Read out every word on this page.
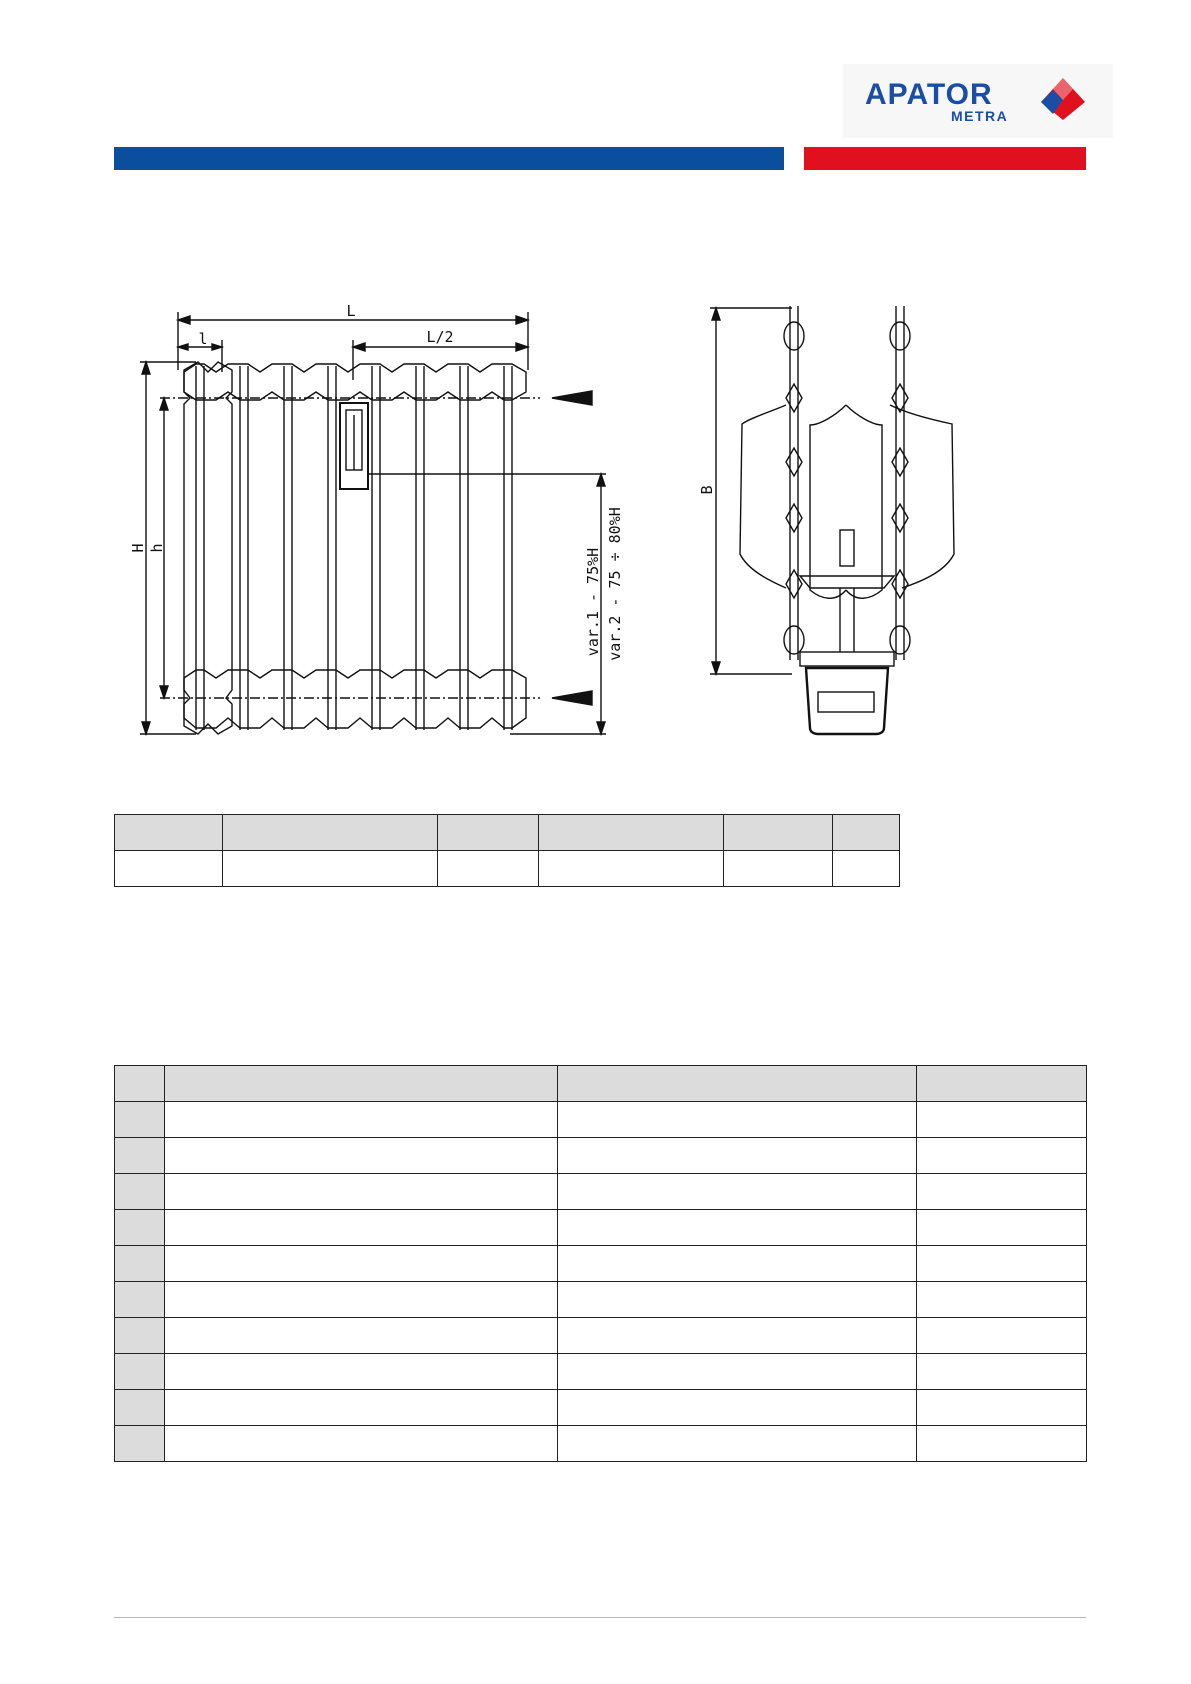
APATOR
METRA
L
L/2
l
H h	var.1 - 75%H var.2 - 75 ÷ 80%H
B
